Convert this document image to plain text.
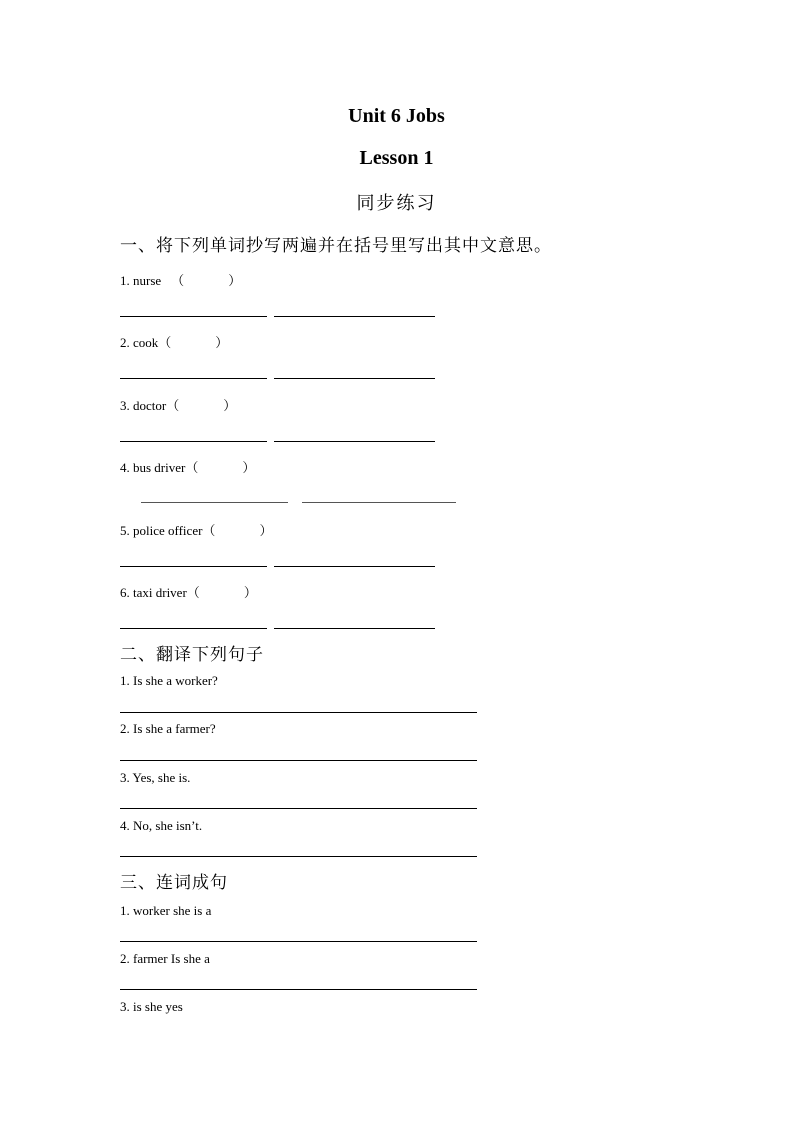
Unit 6 Jobs
Lesson 1
同步练习
一、将下列单词抄写两遍并在括号里写出其中文意思。
1. nurse （	）
2. cook（	）
3. doctor（	）
4. bus driver（	）
5. police officer（	）
6. taxi driver（	）
二、翻译下列句子
1. Is she a worker?
2. Is she a farmer?
3. Yes, she is.
4. No, she isn’t.
三、连词成句
1. worker she is a
2. farmer Is she a
3. is she yes
